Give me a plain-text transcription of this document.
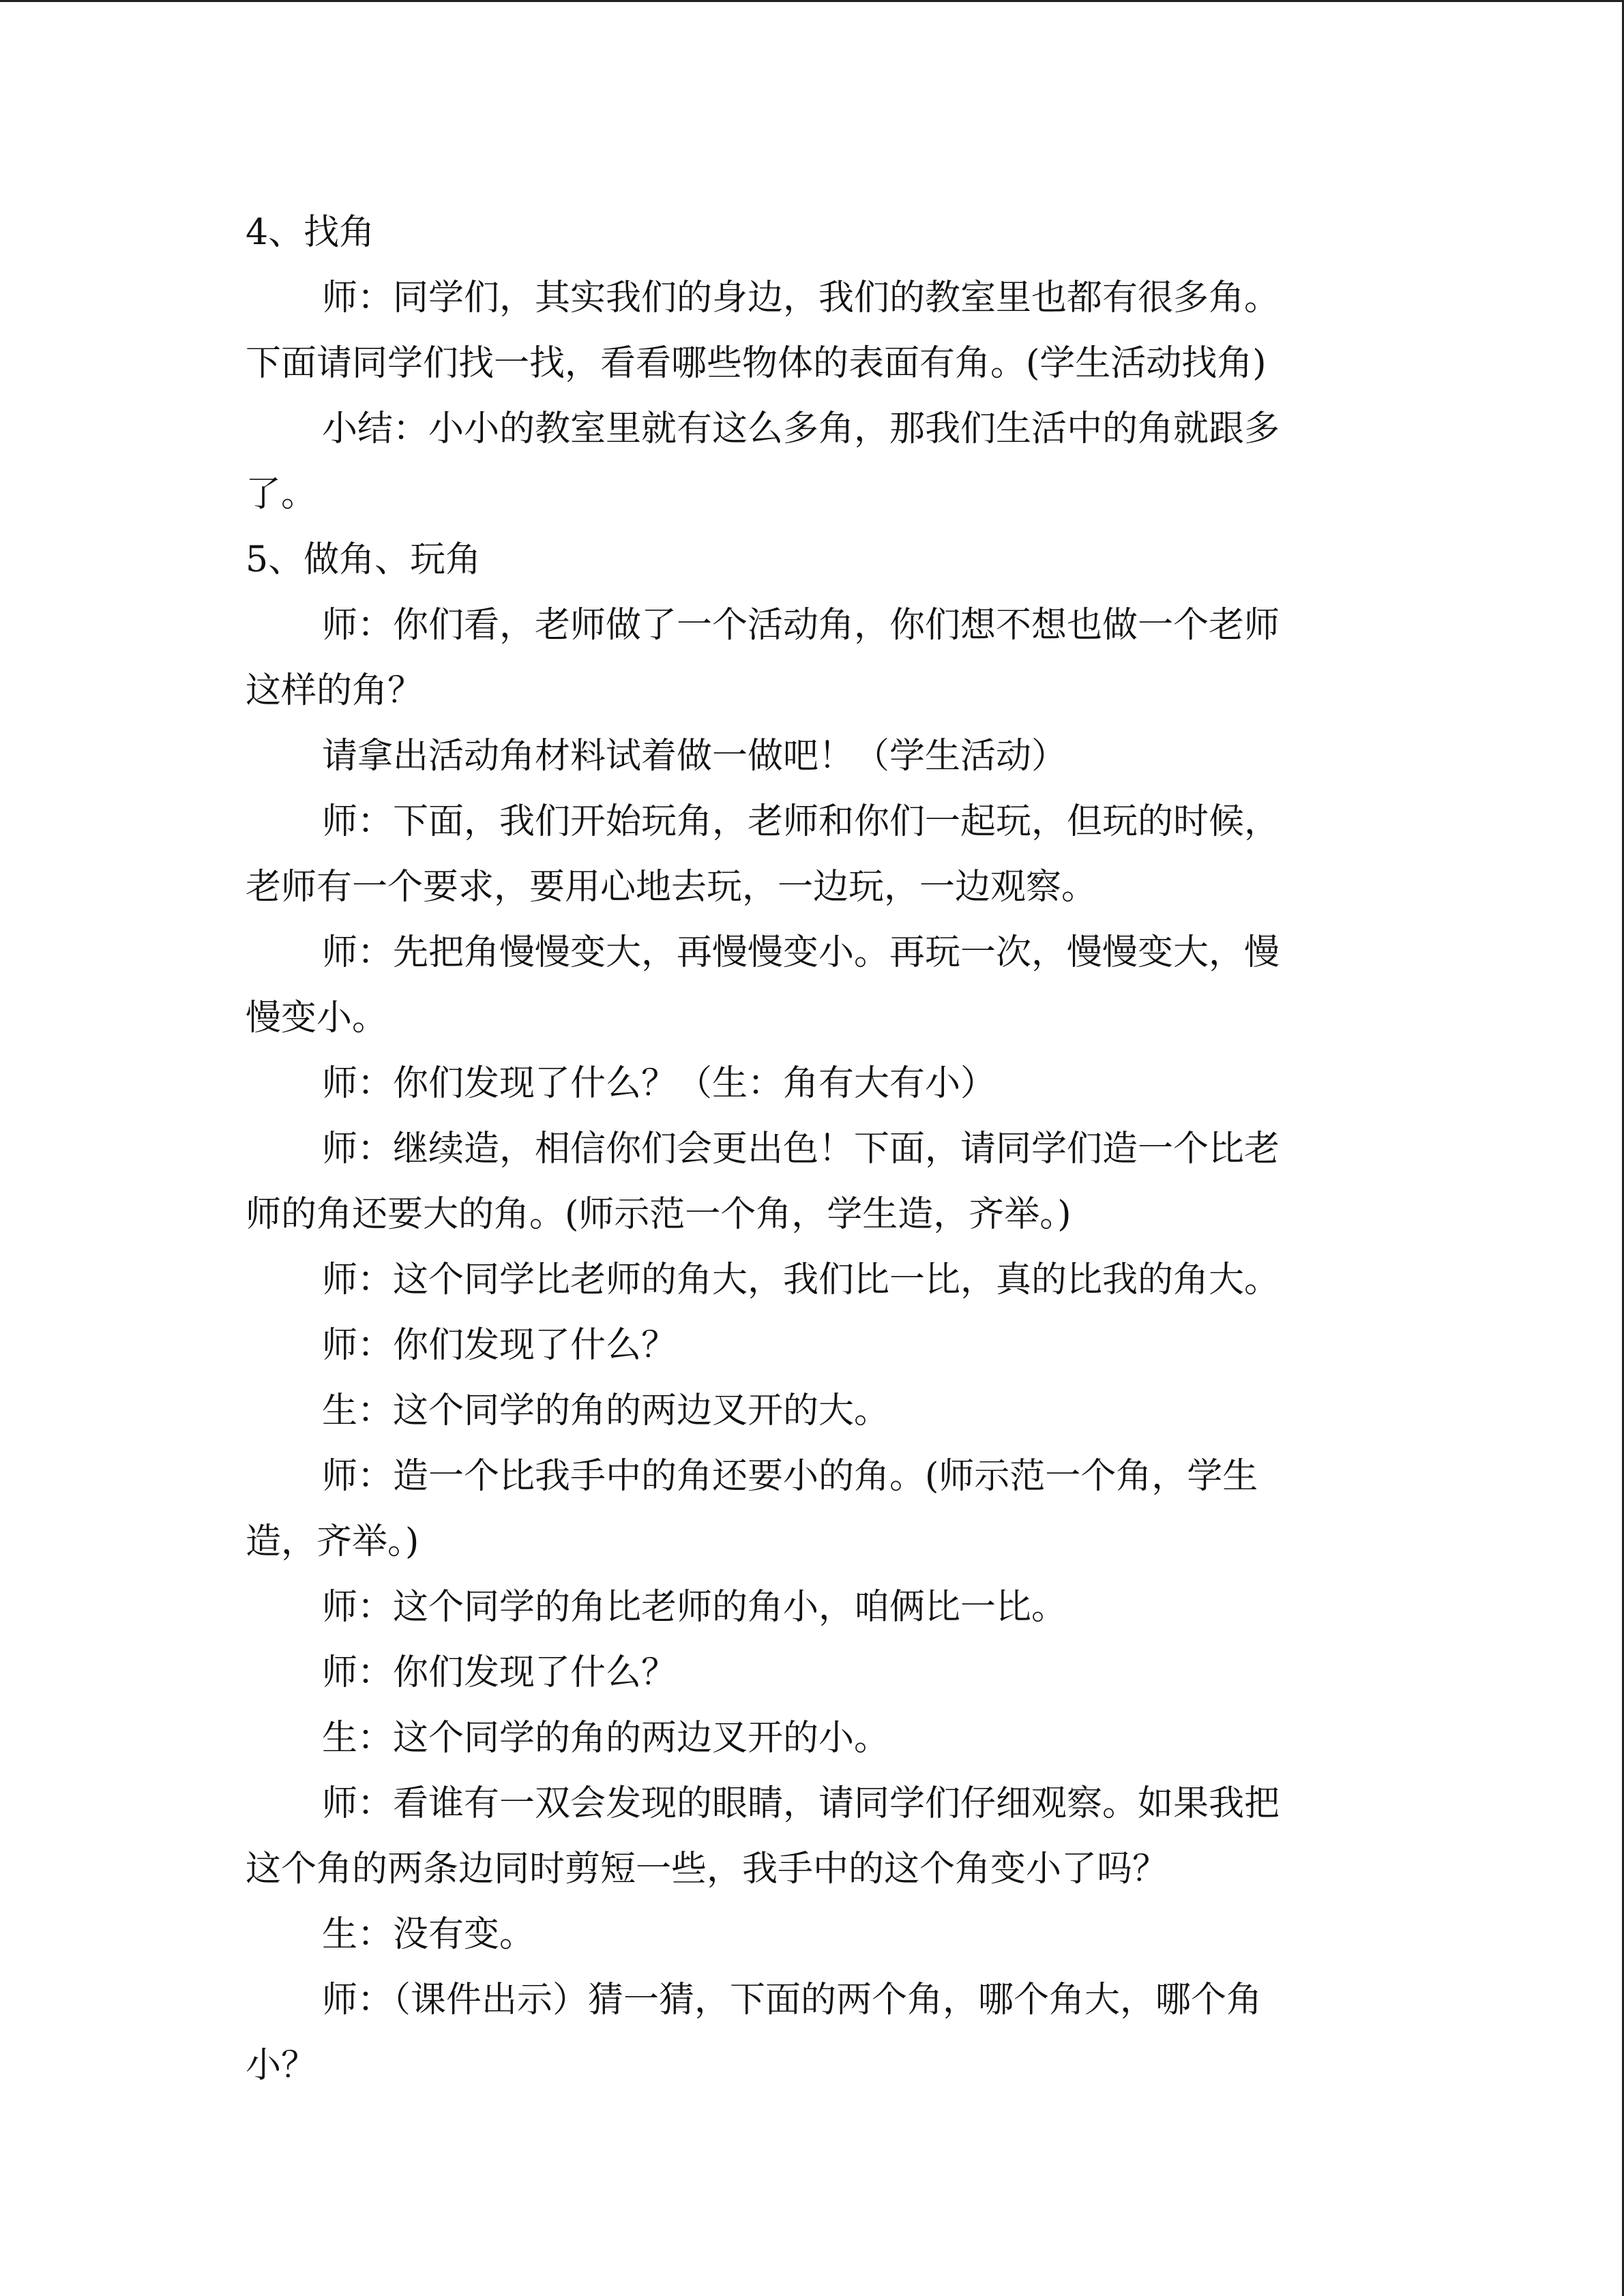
4、找角
师：同学们，其实我们的身边，我们的教室里也都有很多角。
下面请同学们找一找，看看哪些物体的表面有角。(学生活动找角)
小结：小小的教室里就有这么多角，那我们生活中的角就跟多
了。
5、做角、玩角
师：你们看，老师做了一个活动角，你们想不想也做一个老师
这样的角？
请拿出活动角材料试着做一做吧！（学生活动）
师：下面，我们开始玩角，老师和你们一起玩，但玩的时候，
老师有一个要求，要用心地去玩，一边玩，一边观察。
师：先把角慢慢变大，再慢慢变小。再玩一次，慢慢变大，慢
慢变小。
师：你们发现了什么？（生：角有大有小）
师：继续造，相信你们会更出色！下面，请同学们造一个比老
师的角还要大的角。(师示范一个角，学生造，齐举。)
师：这个同学比老师的角大，我们比一比，真的比我的角大。
师：你们发现了什么？
生：这个同学的角的两边叉开的大。
师：造一个比我手中的角还要小的角。(师示范一个角，学生
造，齐举。)
师：这个同学的角比老师的角小，咱俩比一比。
师：你们发现了什么？
生：这个同学的角的两边叉开的小。
师：看谁有一双会发现的眼睛，请同学们仔细观察。如果我把
这个角的两条边同时剪短一些，我手中的这个角变小了吗？
生：没有变。
师：（课件出示）猜一猜，下面的两个角，哪个角大，哪个角
小？
